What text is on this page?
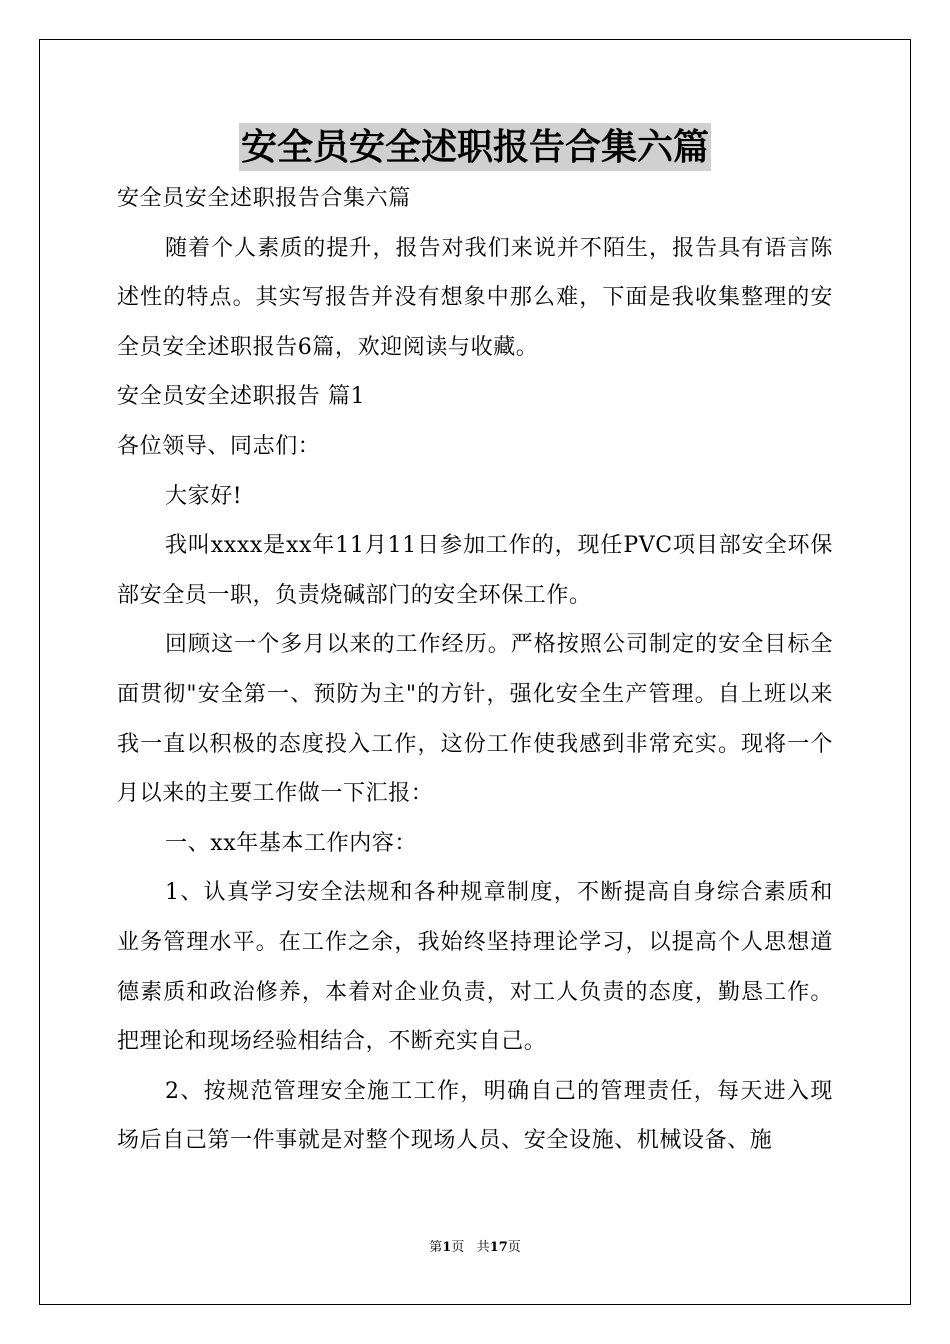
安全员安全述职报告合集六篇

安全员安全述职报告合集六篇

随着个人素质的提升，报告对我们来说并不陌生，报告具有语言陈述性的特点。其实写报告并没有想象中那么难，下面是我收集整理的安全员安全述职报告6篇，欢迎阅读与收藏。

安全员安全述职报告 篇1

各位领导、同志们：

大家好!

我叫xxxx是xx年11月11日参加工作的，现任PVC项目部安全环保部安全员一职，负责烧碱部门的安全环保工作。

回顾这一个多月以来的工作经历。严格按照公司制定的安全目标全面贯彻"安全第一、预防为主"的方针，强化安全生产管理。自上班以来我一直以积极的态度投入工作，这份工作使我感到非常充实。现将一个月以来的主要工作做一下汇报：

一、xx年基本工作内容：

1、认真学习安全法规和各种规章制度，不断提高自身综合素质和业务管理水平。在工作之余，我始终坚持理论学习，以提高个人思想道德素质和政治修养，本着对企业负责，对工人负责的态度，勤恳工作。把理论和现场经验相结合，不断充实自己。

2、按规范管理安全施工工作，明确自己的管理责任，每天进入现场后自己第一件事就是对整个现场人员、安全设施、机械设备、施

第1页 共17页
